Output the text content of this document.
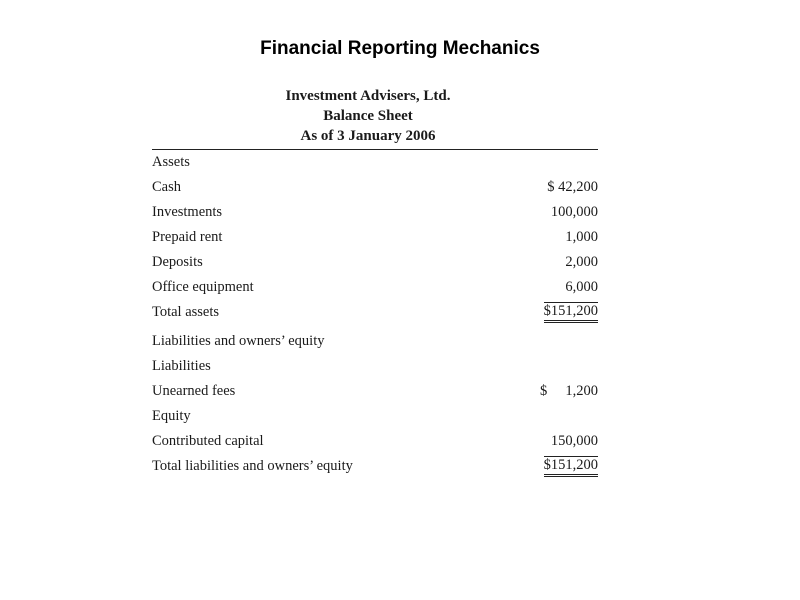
Financial Reporting Mechanics
Investment Advisers, Ltd.
Balance Sheet
As of 3 January 2006
Assets
Cash	$ 42,200
Investments	100,000
Prepaid rent	1,000
Deposits	2,000
Office equipment	6,000
Total assets	$151,200
Liabilities and owners’ equity
Liabilities
Unearned fees	$ 1,200
Equity
Contributed capital	150,000
Total liabilities and owners’ equity	$151,200
